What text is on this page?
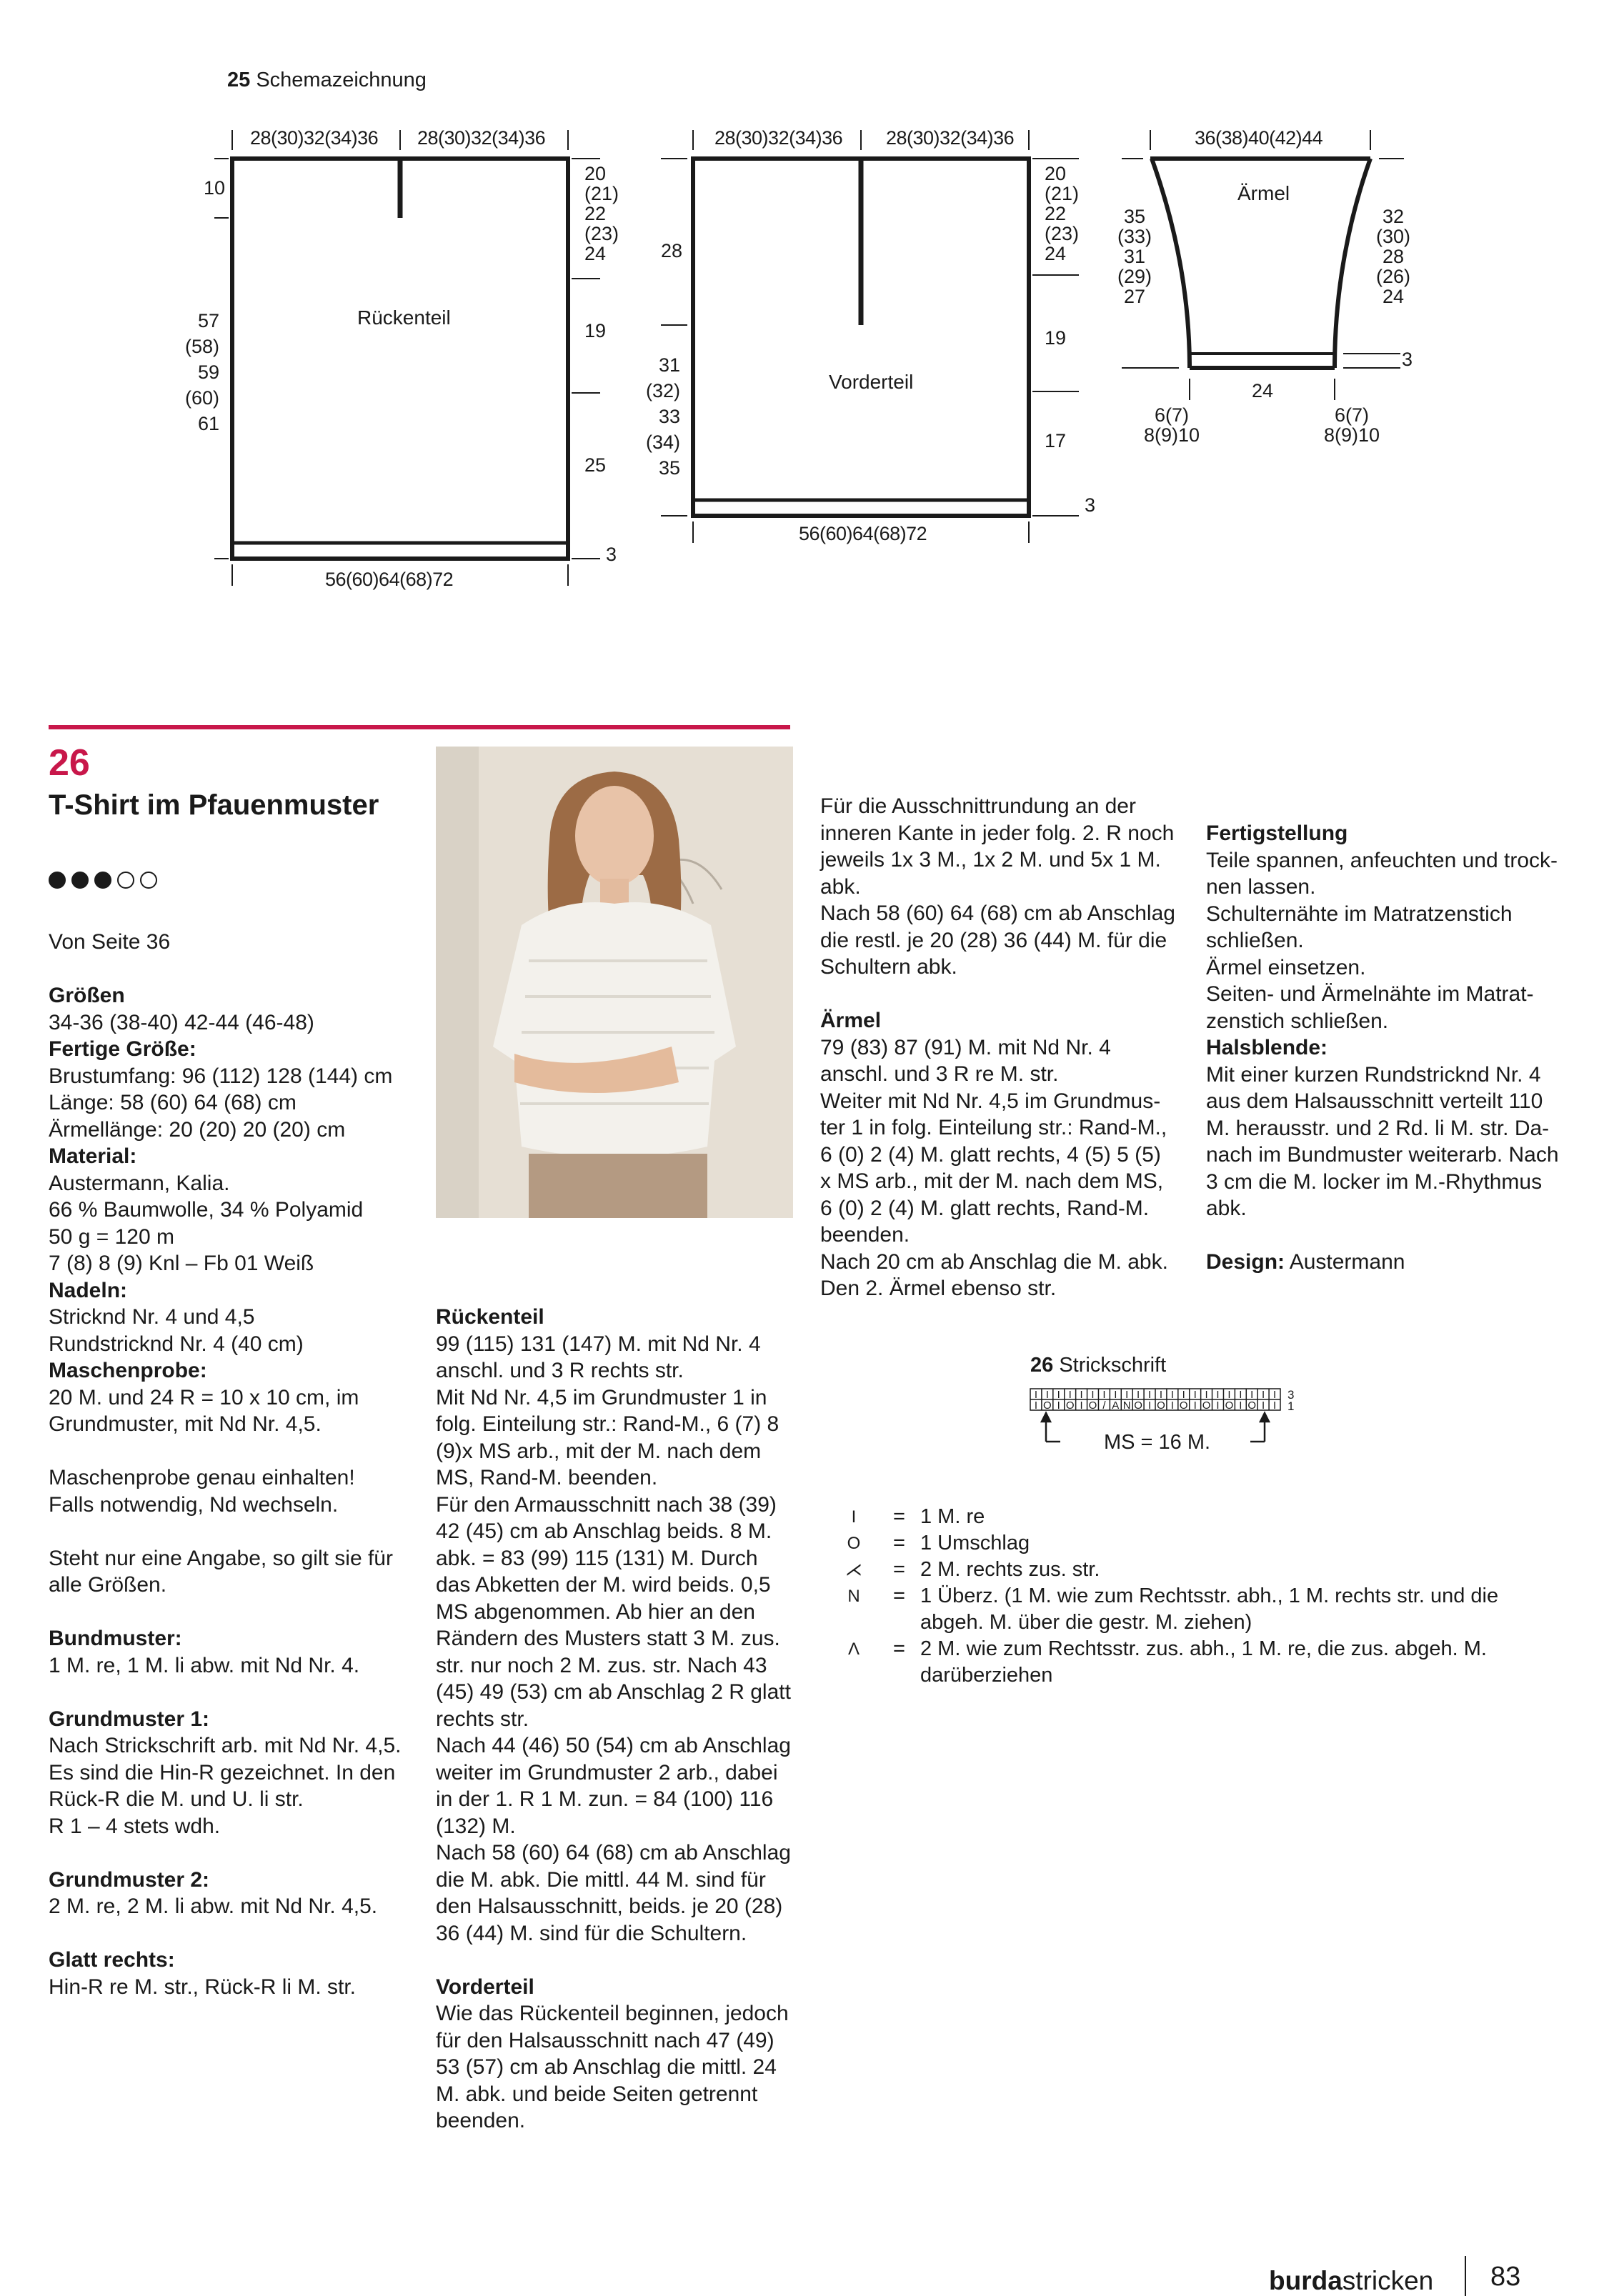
25 Schemazeichnung
28(30)32(34)36 28(30)32(34)36
10
57
(58)
59
(60)
61
Rückenteil
20
(21)
22
(23)
24
19
25
3
56(60)64(68)72
28(30)32(34)36 28(30)32(34)36
28
31
(32)
33
(34)
35
Vorderteil
20
(21)
22
(23)
24
19
17
3
56(60)64(68)72
36(38)40(42)44
Ärmel
35
(33)
31
(29)
27
32
(30)
28
(26)
24
3
24
6(7)
8(9)10
6(7)
8(9)10
26
T-Shirt im Pfauenmuster

Von Seite 36

Größen

34-36 (38-40) 42-44 (46-48)

Fertige Größe:

Brustumfang: 96 (112) 128 (144) cm

Länge: 58 (60) 64 (68) cm

Ärmellänge: 20 (20) 20 (20) cm

Material:

Austermann, Kalia.

66 % Baumwolle, 34 % Polyamid

50 g = 120 m

7 (8) 8 (9) Knl – Fb 01 Weiß

Nadeln:

Stricknd Nr. 4 und 4,5

Rundstricknd Nr. 4 (40 cm)

Maschenprobe:

20 M. und 24 R = 10 x 10 cm, im

Grundmuster, mit Nd Nr. 4,5.

Maschenprobe genau einhalten!

Falls notwendig, Nd wechseln.

Steht nur eine Angabe, so gilt sie für

alle Größen.

Bundmuster:

1 M. re, 1 M. li abw. mit Nd Nr. 4.

Grundmuster 1:

Nach Strickschrift arb. mit Nd Nr. 4,5.

Es sind die Hin-R gezeichnet. In den

Rück-R die M. und U. li str.

R 1 – 4 stets wdh.

Grundmuster 2:

2 M. re, 2 M. li abw. mit Nd Nr. 4,5.

Glatt rechts:

Hin-R re M. str., Rück-R li M. str.

Rückenteil

99 (115) 131 (147) M. mit Nd Nr. 4

anschl. und 3 R rechts str.

Mit Nd Nr. 4,5 im Grundmuster 1 in

folg. Einteilung str.: Rand-M., 6 (7) 8

(9)x MS arb., mit der M. nach dem

MS, Rand-M. beenden.

Für den Armausschnitt nach 38 (39)

42 (45) cm ab Anschlag beids. 8 M.

abk. = 83 (99) 115 (131) M. Durch

das Abketten der M. wird beids. 0,5

MS abgenommen. Ab hier an den

Rändern des Musters statt 3 M. zus.

str. nur noch 2 M. zus. str. Nach 43

(45) 49 (53) cm ab Anschlag 2 R glatt

rechts str.

Nach 44 (46) 50 (54) cm ab Anschlag

weiter im Grundmuster 2 arb., dabei

in der 1. R 1 M. zun. = 84 (100) 116

(132) M.

Nach 58 (60) 64 (68) cm ab Anschlag

die M. abk. Die mittl. 44 M. sind für

den Halsausschnitt, beids. je 20 (28)

36 (44) M. sind für die Schultern.

Vorderteil

Wie das Rückenteil beginnen, jedoch

für den Halsausschnitt nach 47 (49)

53 (57) cm ab Anschlag die mittl. 24

M. abk. und beide Seiten getrennt

beenden.

Für die Ausschnittrundung an der

inneren Kante in jeder folg. 2. R noch

jeweils 1x 3 M., 1x 2 M. und 5x 1 M.

abk.

Nach 58 (60) 64 (68) cm ab Anschlag

die restl. je 20 (28) 36 (44) M. für die

Schultern abk.

Ärmel

79 (83) 87 (91) M. mit Nd Nr. 4

anschl. und 3 R re M. str.

Weiter mit Nd Nr. 4,5 im Grundmus-

ter 1 in folg. Einteilung str.: Rand-M.,

6 (0) 2 (4) M. glatt rechts, 4 (5) 5 (5)

x MS arb., mit der M. nach dem MS,

6 (0) 2 (4) M. glatt rechts, Rand-M.

beenden.

Nach 20 cm ab Anschlag die M. abk.

Den 2. Ärmel ebenso str.

Fertigstellung

Teile spannen, anfeuchten und trock-

nen lassen.

Schulternähte im Matratzenstich

schließen.

Ärmel einsetzen.

Seiten- und Ärmelnähte im Matrat-

zenstich schließen.

Halsblende:

Mit einer kurzen Rundstricknd Nr. 4

aus dem Halsausschnitt verteilt 110

M. herausstr. und 2 Rd. li M. str. Da-

nach im Bundmuster weiterarb. Nach

3 cm die M. locker im M.-Rhythmus

abk.

Design: Austermann

26 Strickschrift
I
I
I
O
I
I
I
O
I
I
I
O
I
/
I
A
I
N
I
O
I
I
I
O
I
I
I
O
I
I
I
O
I
I
I
O
I
I
I
O
I
I
I
I
3
1
MS = 16 M.
I	= 1 M. re
O = 1 Umschlag
⋌ = 2 M. rechts zus. str.
N = 1 Überz. (1 M. wie zum Rechtsstr. abh., 1 M. rechts str. und die
abgeh. M. über die gestr. M. ziehen)
Λ = 2 M. wie zum Rechtsstr. zus. abh., 1 M. re, die zus. abgeh. M.
darüberziehen
burdastricken 83
